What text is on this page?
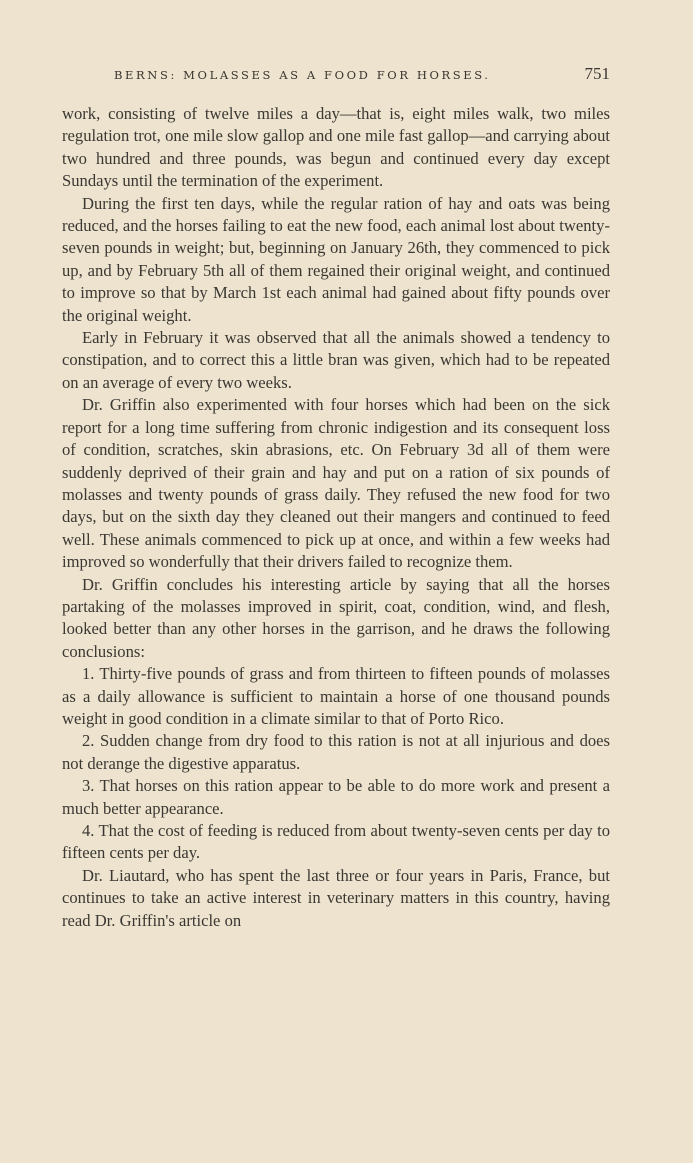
BERNS: MOLASSES AS A FOOD FOR HORSES.	751

work, consisting of twelve miles a day—that is, eight miles walk, two miles regulation trot, one mile slow gallop and one mile fast gallop—and carrying about two hundred and three pounds, was begun and continued every day except Sundays until the termination of the experiment.

During the first ten days, while the regular ration of hay and oats was being reduced, and the horses failing to eat the new food, each animal lost about twenty-seven pounds in weight; but, beginning on January 26th, they commenced to pick up, and by February 5th all of them regained their original weight, and continued to improve so that by March 1st each animal had gained about fifty pounds over the original weight.

Early in February it was observed that all the animals showed a tendency to constipation, and to correct this a little bran was given, which had to be repeated on an average of every two weeks.

Dr. Griffin also experimented with four horses which had been on the sick report for a long time suffering from chronic indigestion and its consequent loss of condition, scratches, skin abrasions, etc. On February 3d all of them were suddenly deprived of their grain and hay and put on a ration of six pounds of molasses and twenty pounds of grass daily. They refused the new food for two days, but on the sixth day they cleaned out their mangers and continued to feed well. These animals commenced to pick up at once, and within a few weeks had improved so wonderfully that their drivers failed to recognize them.

Dr. Griffin concludes his interesting article by saying that all the horses partaking of the molasses improved in spirit, coat, condition, wind, and flesh, looked better than any other horses in the garrison, and he draws the following conclusions:

1. Thirty-five pounds of grass and from thirteen to fifteen pounds of molasses as a daily allowance is sufficient to maintain a horse of one thousand pounds weight in good condition in a climate similar to that of Porto Rico.

2. Sudden change from dry food to this ration is not at all injurious and does not derange the digestive apparatus.

3. That horses on this ration appear to be able to do more work and present a much better appearance.

4. That the cost of feeding is reduced from about twenty-seven cents per day to fifteen cents per day.

Dr. Liautard, who has spent the last three or four years in Paris, France, but continues to take an active interest in veterinary matters in this country, having read Dr. Griffin's article on
